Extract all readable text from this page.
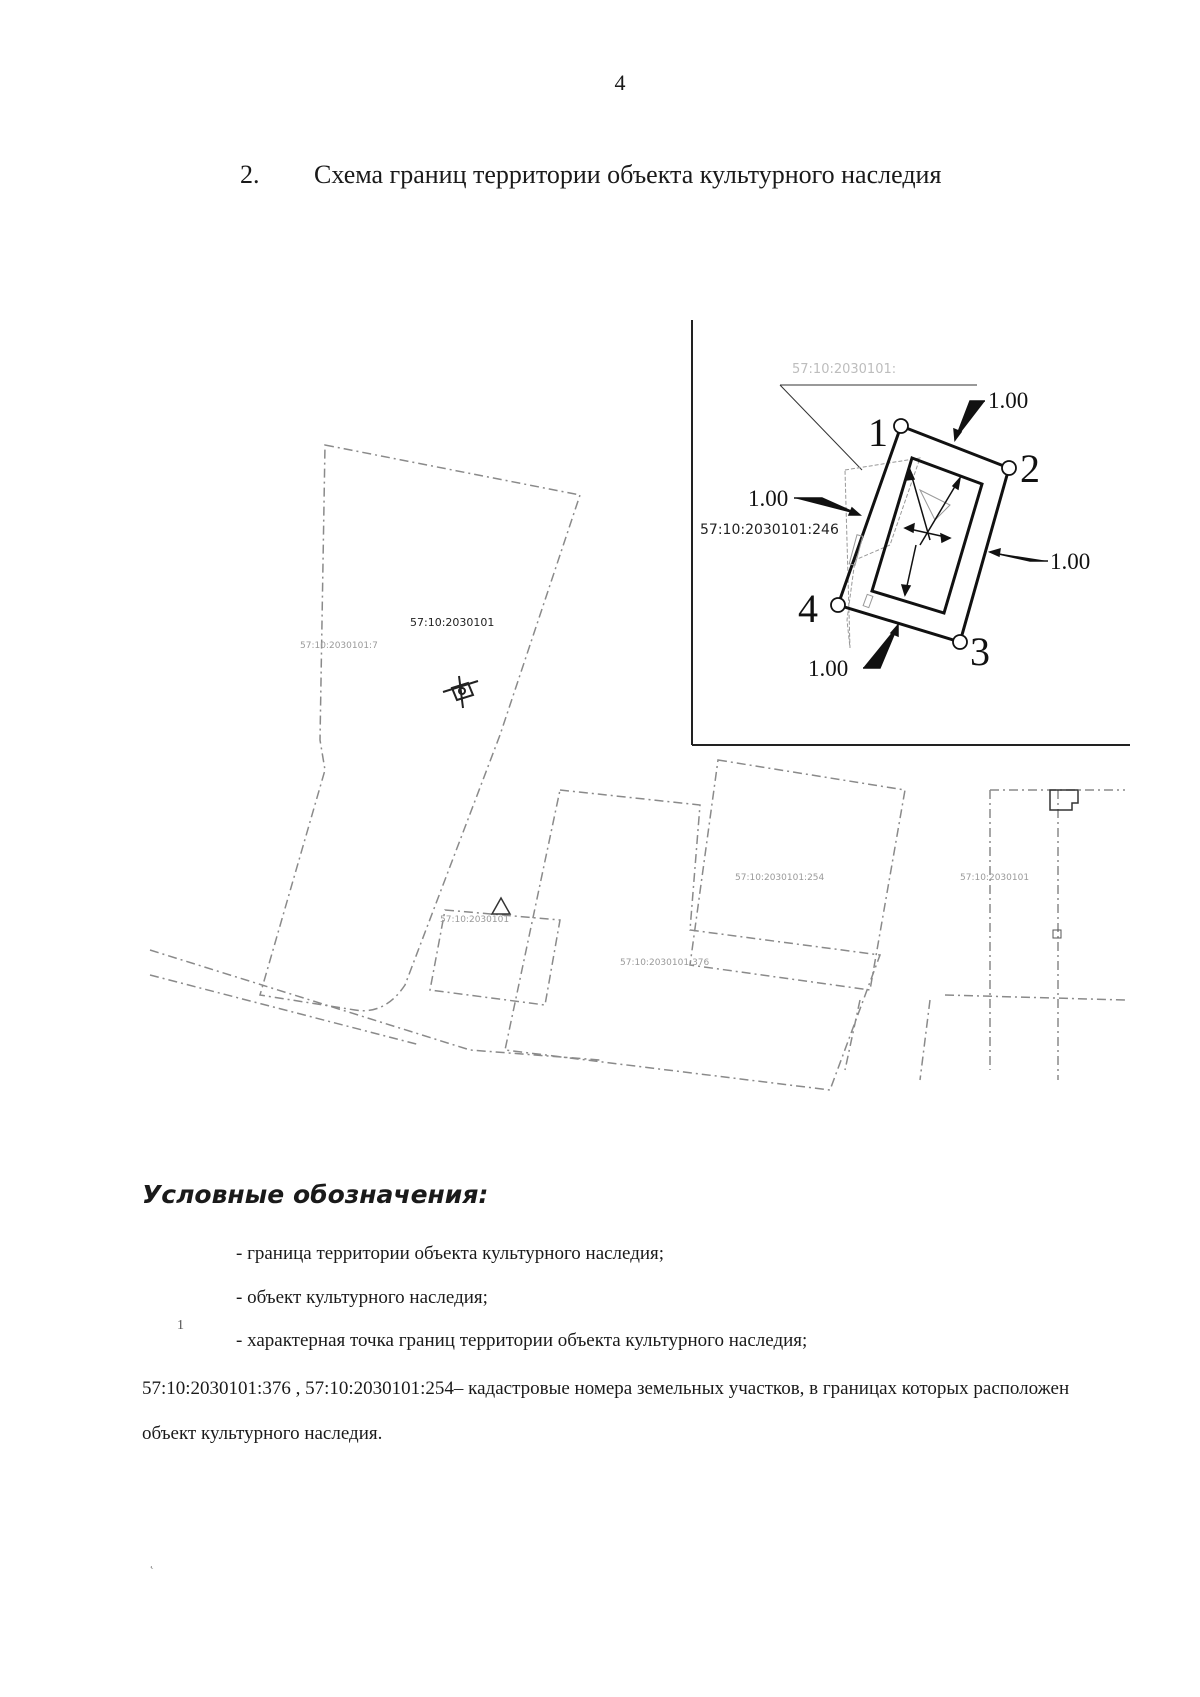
4
2. Схема границ территории объекта культурного наследия
57:10:2030101:7
57:10:2030101:254
57:10:2030101:376
57:10:2030101
57:10:2030101
57:10:2030101
57:10:2030101:
1
2
3
4
1.00
1.00
1.00
1.00
57:10:2030101:246
Условные обозначения:
- граница территории объекта культурного наследия;
- объект культурного наследия;
1
- характерная точка границ территории объекта культурного наследия;
57:10:2030101:376 , 57:10:2030101:254– кадастровые номера земельных участков, в границах которых расположен объект культурного наследия.
˛
